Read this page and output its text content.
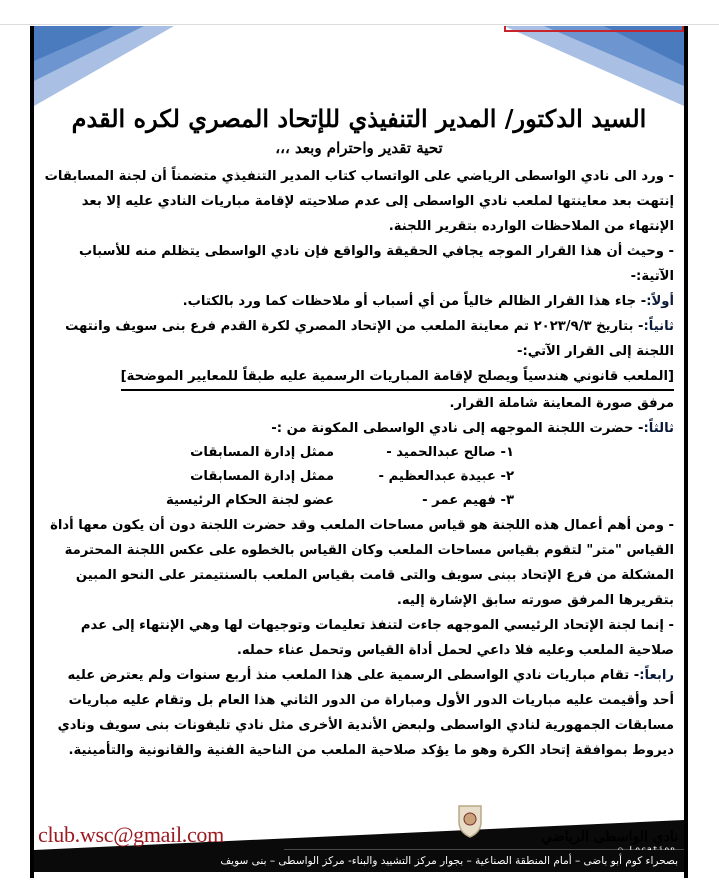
السيد الدكتور/ المدير التنفيذي للإتحاد المصري لكره القدم

تحية تقدير واحترام وبعد ،،،

- ورد الى نادي الواسطى الرياضي على الواتساب كتاب المدير التنفيذي متضمناً أن لجنة المسابقات إنتهت بعد معاينتها لملعب نادي الواسطى إلى عدم صلاحيته لإقامة مباريات النادي عليه إلا بعد الإنتهاء من الملاحظات الوارده بتقرير اللجنة.

- وحيث أن هذا القرار الموجه يجافي الحقيقة والواقع فإن نادي الواسطى يتظلم منه للأسباب الآتية:-

أولاً:- جاء هذا القرار الظالم خالياً من أي أسباب أو ملاحظات كما ورد بالكتاب.

ثانياً:- بتاريخ ٢٠٢٣/٩/٣ تم معاينة الملعب من الإتحاد المصري لكرة القدم فرع بنى سويف وانتهت اللجنة إلى القرار الآتي:-

[الملعب قانوني هندسياً ويصلح لإقامة المباريات الرسمية عليه طبقاً للمعايير الموضحة]

مرفق صورة المعاينة شاملة القرار.

ثالثاً:- حضرت اللجنة الموجهه إلى نادي الواسطى المكونة من :-

١- صالح عبدالحميد -
ممثل إدارة المسابقات
٢- عبيدة عبدالعظيم -
ممثل إدارة المسابقات
٣- فهيم عمر -
عضو لجنة الحكام الرئيسية

- ومن أهم أعمال هذه اللجنة هو قياس مساحات الملعب وقد حضرت اللجنة دون أن يكون معها أداة القياس "متر" لتقوم بقياس مساحات الملعب وكان القياس بالخطوه على عكس اللجنة المحترمة المشكلة من فرع الإتحاد ببنى سويف والتى قامت بقياس الملعب بالسنتيمتر على النحو المبين بتقريرها المرفق صورته سابق الإشارة إليه.

- إنما لجنة الإتحاد الرئيسي الموجهه جاءت لتنفذ تعليمات وتوجيهات لها وهي الإنتهاء إلى عدم صلاحية الملعب وعليه فلا داعي لحمل أداة القياس وتحمل عناء حمله.

رابعاً:- تقام مباريات نادي الواسطى الرسمية على هذا الملعب منذ أربع سنوات ولم يعترض عليه أحد وأقيمت عليه مباريات الدور الأول ومباراة من الدور الثاني هذا العام بل وتقام عليه مباريات مسابقات الجمهورية لنادي الواسطى ولبعض الأندية الأخرى مثل نادي تليفونات بنى سويف ونادي ديروط بموافقة إتحاد الكرة وهو ما يؤكد صلاحية الملعب من الناحية الفنية والقانونية والتأمينية.

نادي الواسطى الرياضي
club.wsc@gmail.com
بصحراء كوم أبو باضى – أمام المنطقة الصناعية – بجوار مركز التشييد والبناء- مركز الواسطى – بنى سويف
